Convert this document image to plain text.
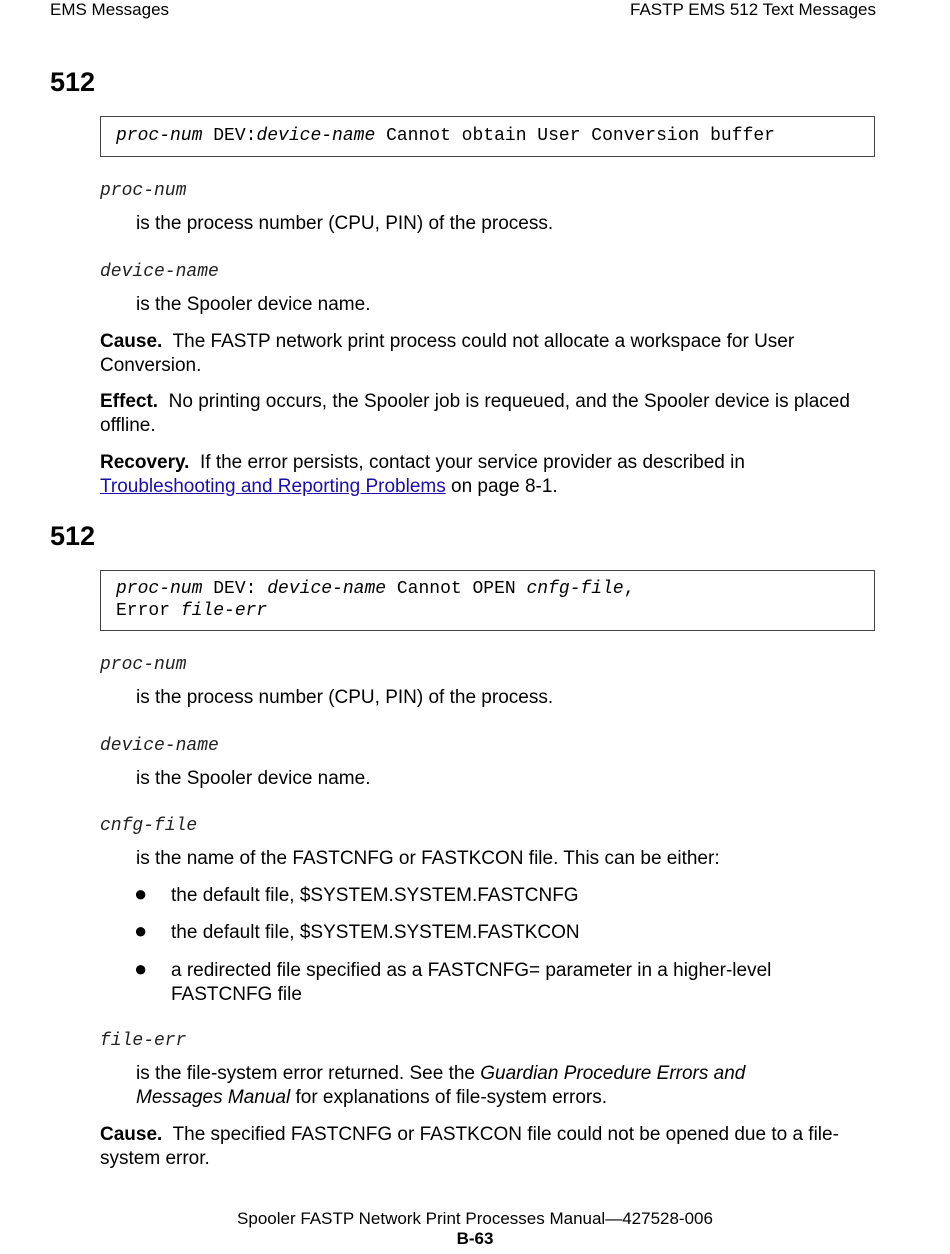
EMS Messages	FASTP EMS 512 Text Messages
512
proc-num DEV:device-name Cannot obtain User Conversion buffer
proc-num
is the process number (CPU, PIN) of the process.
device-name
is the Spooler device name.
Cause. The FASTP network print process could not allocate a workspace for User Conversion.
Effect. No printing occurs, the Spooler job is requeued, and the Spooler device is placed offline.
Recovery. If the error persists, contact your service provider as described in
Troubleshooting and Reporting Problems on page 8-1.
512
proc-num DEV: device-name Cannot OPEN cnfg-file,
Error file-err
proc-num
is the process number (CPU, PIN) of the process.
device-name
is the Spooler device name.
cnfg-file
is the name of the FASTCNFG or FASTKCON file. This can be either:
● the default file, $SYSTEM.SYSTEM.FASTCNFG
● the default file, $SYSTEM.SYSTEM.FASTKCON
● a redirected file specified as a FASTCNFG= parameter in a higher-level FASTCNFG file
file-err
is the file-system error returned. See the Guardian Procedure Errors and Messages Manual for explanations of file-system errors.
Cause. The specified FASTCNFG or FASTKCON file could not be opened due to a file-system error.
Spooler FASTP Network Print Processes Manual—427528-006
B-63
